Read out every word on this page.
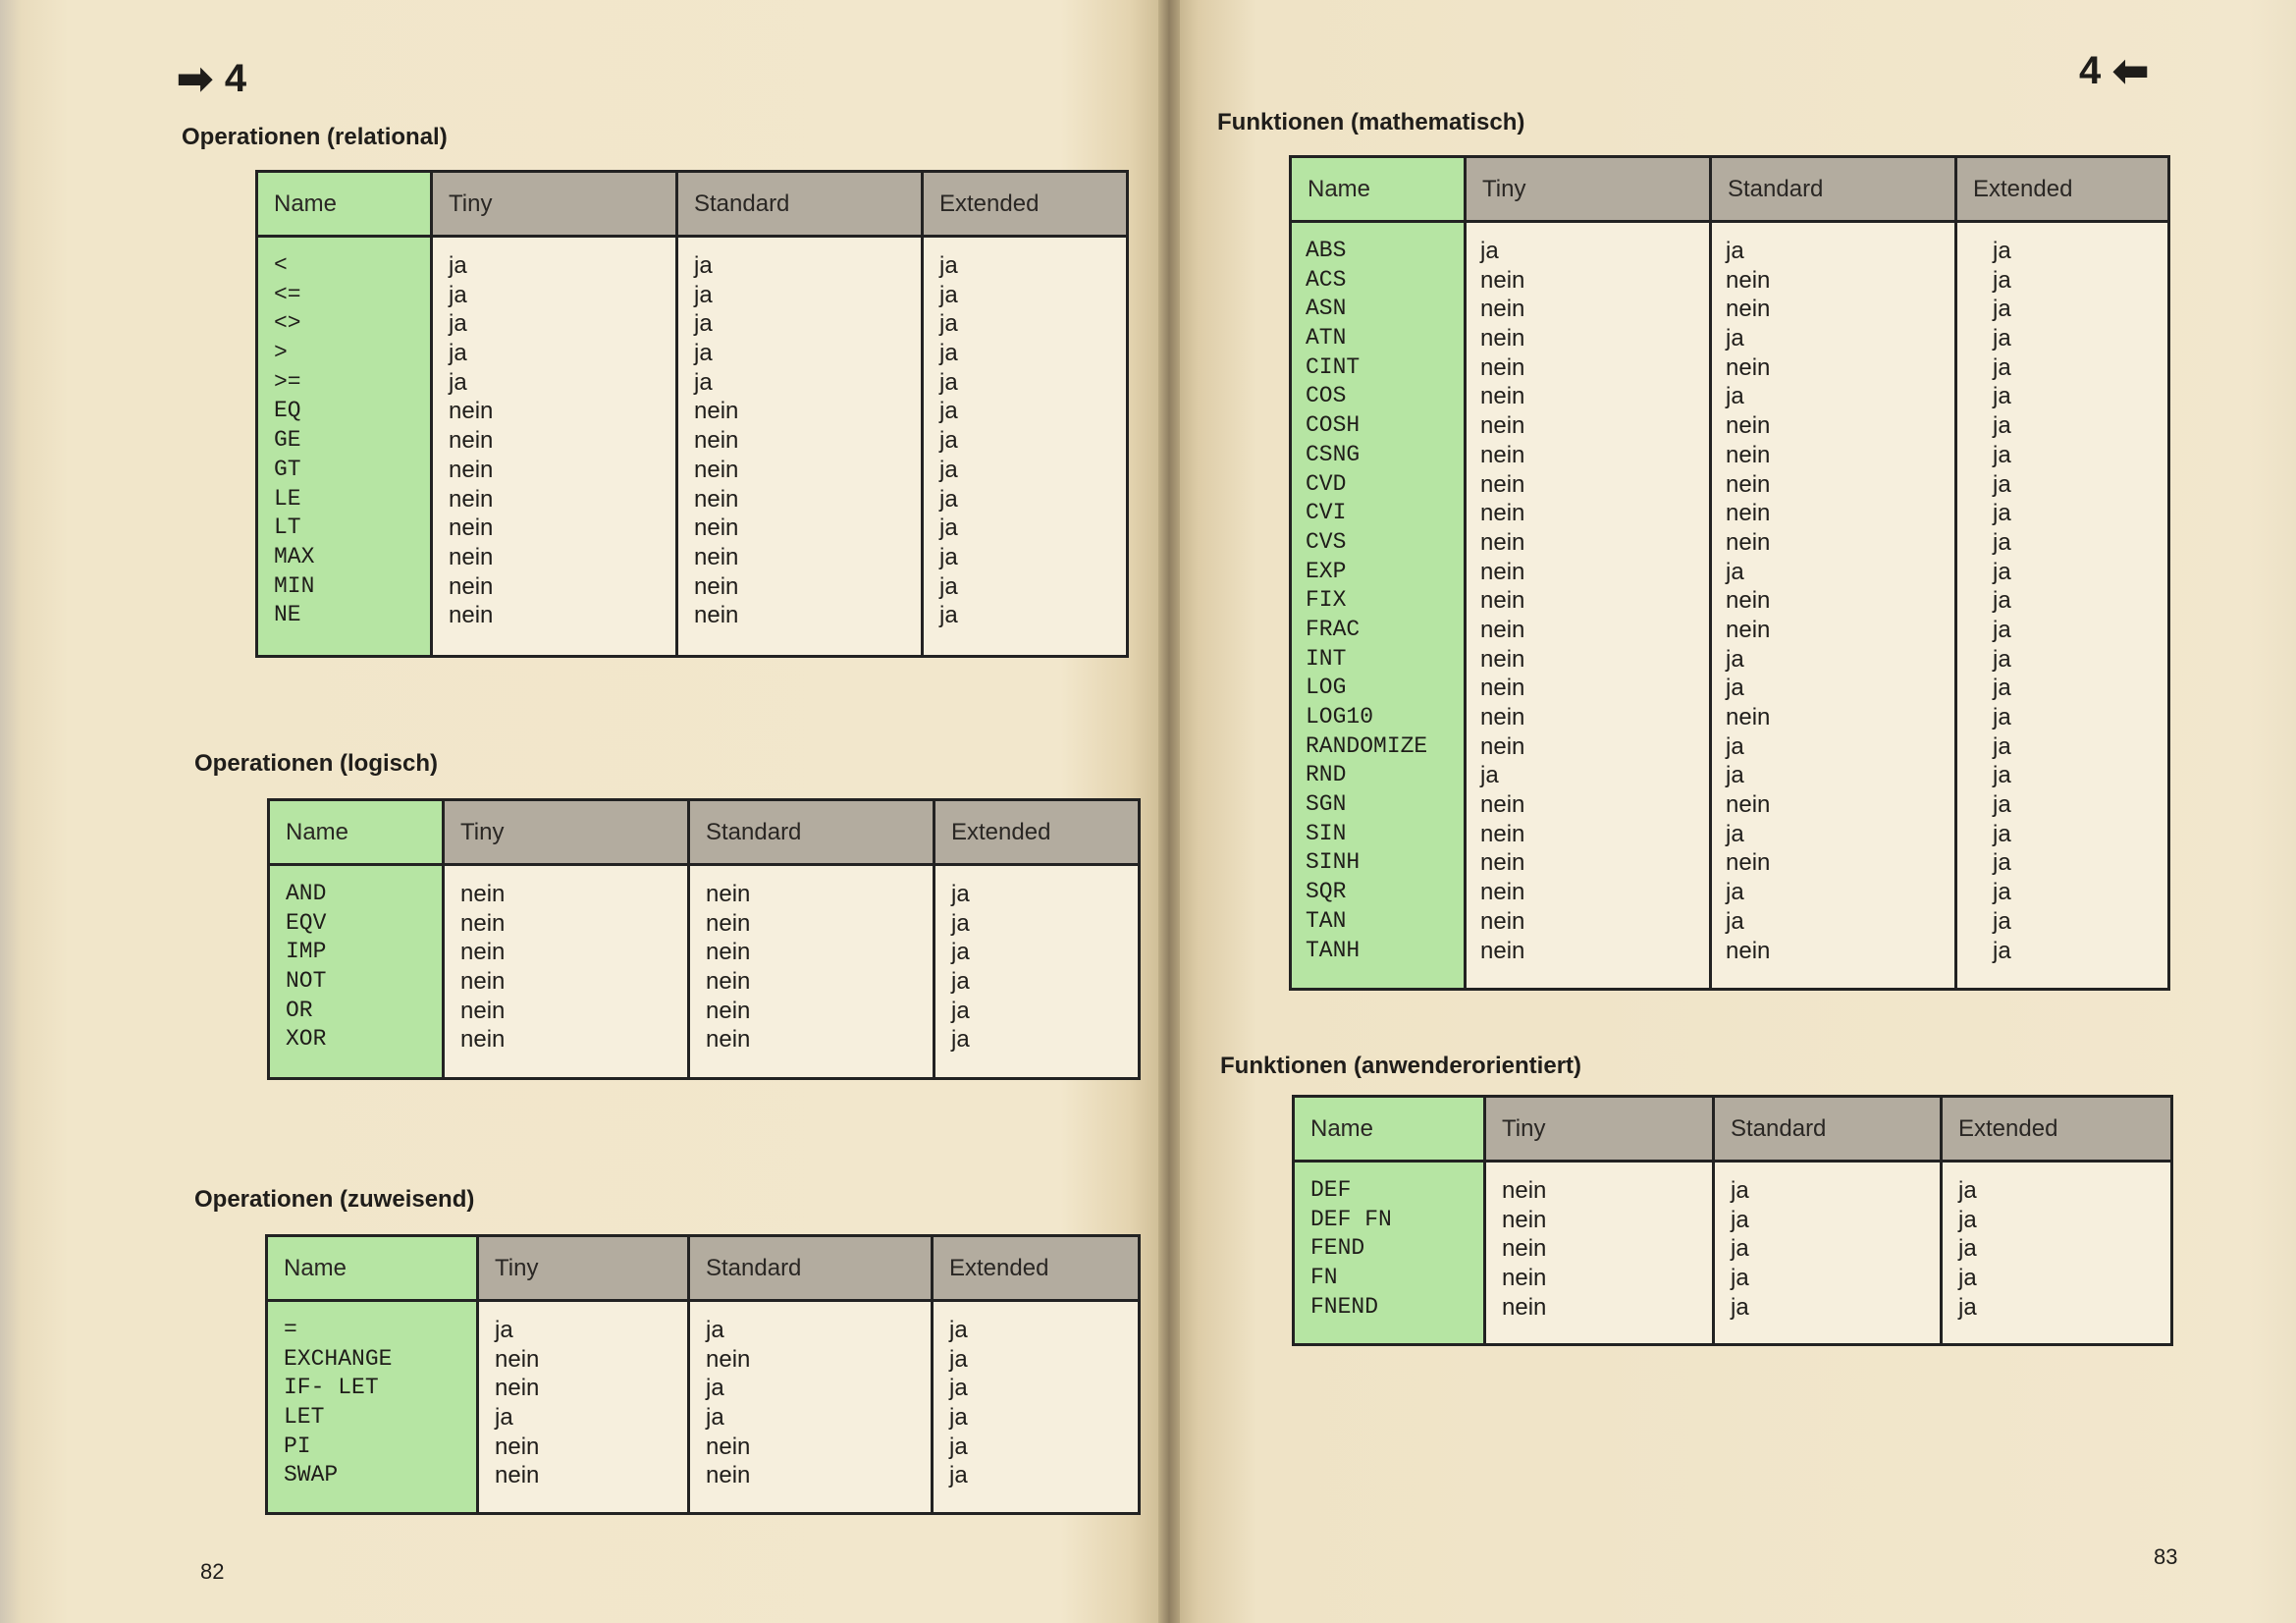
➡ 4	4 ⬅
Operationen (relational)
Operationen (logisch)
Operationen (zuweisend)
Funktionen (mathematisch)
Funktionen (anwenderorientiert)
Name
<
<=
<>
>
>=
EQ
GE
GT
LE
LT
MAX
MIN
NE
Tiny
ja
ja
ja
ja
ja
nein
nein
nein
nein
nein
nein
nein
nein
Standard
ja
ja
ja
ja
ja
nein
nein
nein
nein
nein
nein
nein
nein
Extended
ja
ja
ja
ja
ja
ja
ja
ja
ja
ja
ja
ja
ja
Name
AND
EQV
IMP
NOT
OR
XOR
Tiny
nein
nein
nein
nein
nein
nein
Standard
nein
nein
nein
nein
nein
nein
Extended
ja
ja
ja
ja
ja
ja
Name
=
EXCHANGE
IF- LET
LET
PI
SWAP
Tiny
ja
nein
nein
ja
nein
nein
Standard
ja
nein
ja
ja
nein
nein
Extended
ja
ja
ja
ja
ja
ja
Name
ABS
ACS
ASN
ATN
CINT
COS
COSH
CSNG
CVD
CVI
CVS
EXP
FIX
FRAC
INT
LOG
LOG10
RANDOMIZE
RND
SGN
SIN
SINH
SQR
TAN
TANH
Tiny
ja
nein
nein
nein
nein
nein
nein
nein
nein
nein
nein
nein
nein
nein
nein
nein
nein
nein
ja
nein
nein
nein
nein
nein
nein
Standard
ja
nein
nein
ja
nein
ja
nein
nein
nein
nein
nein
ja
nein
nein
ja
ja
nein
ja
ja
nein
ja
nein
ja
ja
nein
Extended
ja
ja
ja
ja
ja
ja
ja
ja
ja
ja
ja
ja
ja
ja
ja
ja
ja
ja
ja
ja
ja
ja
ja
ja
ja
Name
DEF
DEF FN
FEND
FN
FNEND
Tiny
nein
nein
nein
nein
nein
Standard
ja
ja
ja
ja
ja
Extended
ja
ja
ja
ja
ja
82
83
